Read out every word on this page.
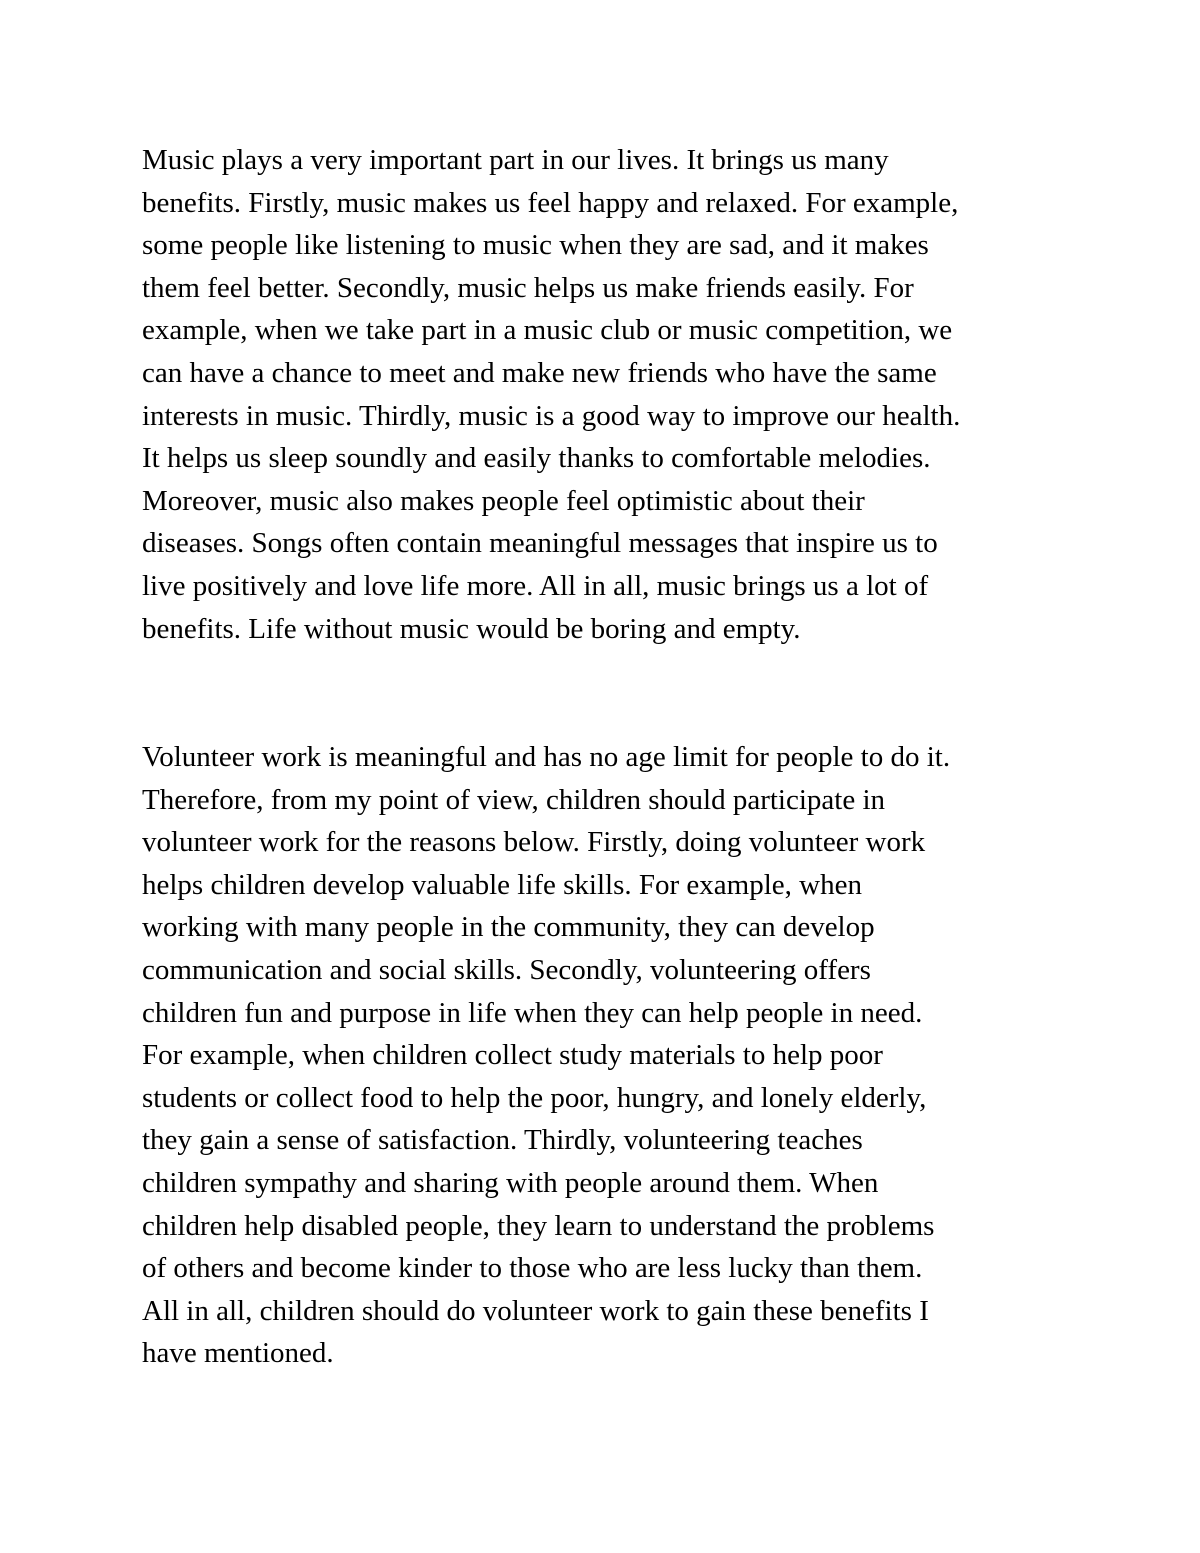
Music plays a very important part in our lives. It brings us many
benefits. Firstly, music makes us feel happy and relaxed. For example,
some people like listening to music when they are sad, and it makes
them feel better. Secondly, music helps us make friends easily. For
example, when we take part in a music club or music competition, we
can have a chance to meet and make new friends who have the same
interests in music. Thirdly, music is a good way to improve our health.
It helps us sleep soundly and easily thanks to comfortable melodies.
Moreover, music also makes people feel optimistic about their
diseases. Songs often contain meaningful messages that inspire us to
live positively and love life more. All in all, music brings us a lot of
benefits. Life without music would be boring and empty.
Volunteer work is meaningful and has no age limit for people to do it.
Therefore, from my point of view, children should participate in
volunteer work for the reasons below. Firstly, doing volunteer work
helps children develop valuable life skills. For example, when
working with many people in the community, they can develop
communication and social skills. Secondly, volunteering offers
children fun and purpose in life when they can help people in need.
For example, when children collect study materials to help poor
students or collect food to help the poor, hungry, and lonely elderly,
they gain a sense of satisfaction. Thirdly, volunteering teaches
children sympathy and sharing with people around them. When
children help disabled people, they learn to understand the problems
of others and become kinder to those who are less lucky than them.
All in all, children should do volunteer work to gain these benefits I
have mentioned.
